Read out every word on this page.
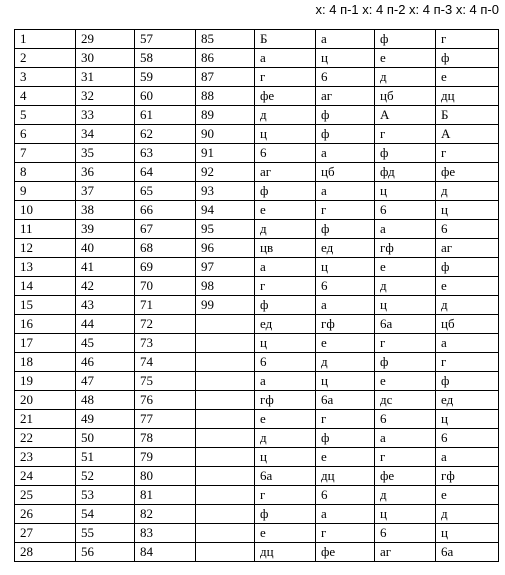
x: 4 п-1 x: 4 п-2 x: 4 п-3 x: 4 п-0
1	29	57	85	Б	а	ф	г
2	30	58	86	а	ц	е	ф
3	31	59	87	г	6	д	е
4	32	60	88	фе	аг	цб	дц
5	33	61	89	д	ф	А	Б
6	34	62	90	ц	ф	г	А
7	35	63	91	6	а	ф	г
8	36	64	92	аг	цб	фд	фе
9	37	65	93	ф	а	ц	д
10	38	66	94	е	г	6	ц
11	39	67	95	д	ф	а	6
12	40	68	96	цв	ед	гф	аг
13	41	69	97	а	ц	е	ф
14	42	70	98	г	6	д	е
15	43	71	99	ф	а	ц	д
16	44	72		ед	гф	6а	цб
17	45	73		ц	е	г	а
18	46	74		6	д	ф	г
19	47	75		а	ц	е	ф
20	48	76		гф	6а	дс	ед
21	49	77		е	г	6	ц
22	50	78		д	ф	а	6
23	51	79		ц	е	г	а
24	52	80		6а	дц	фе	гф
25	53	81		г	6	д	е
26	54	82		ф	а	ц	д
27	55	83		е	г	6	ц
28	56	84		дц	фе	аг	6а
